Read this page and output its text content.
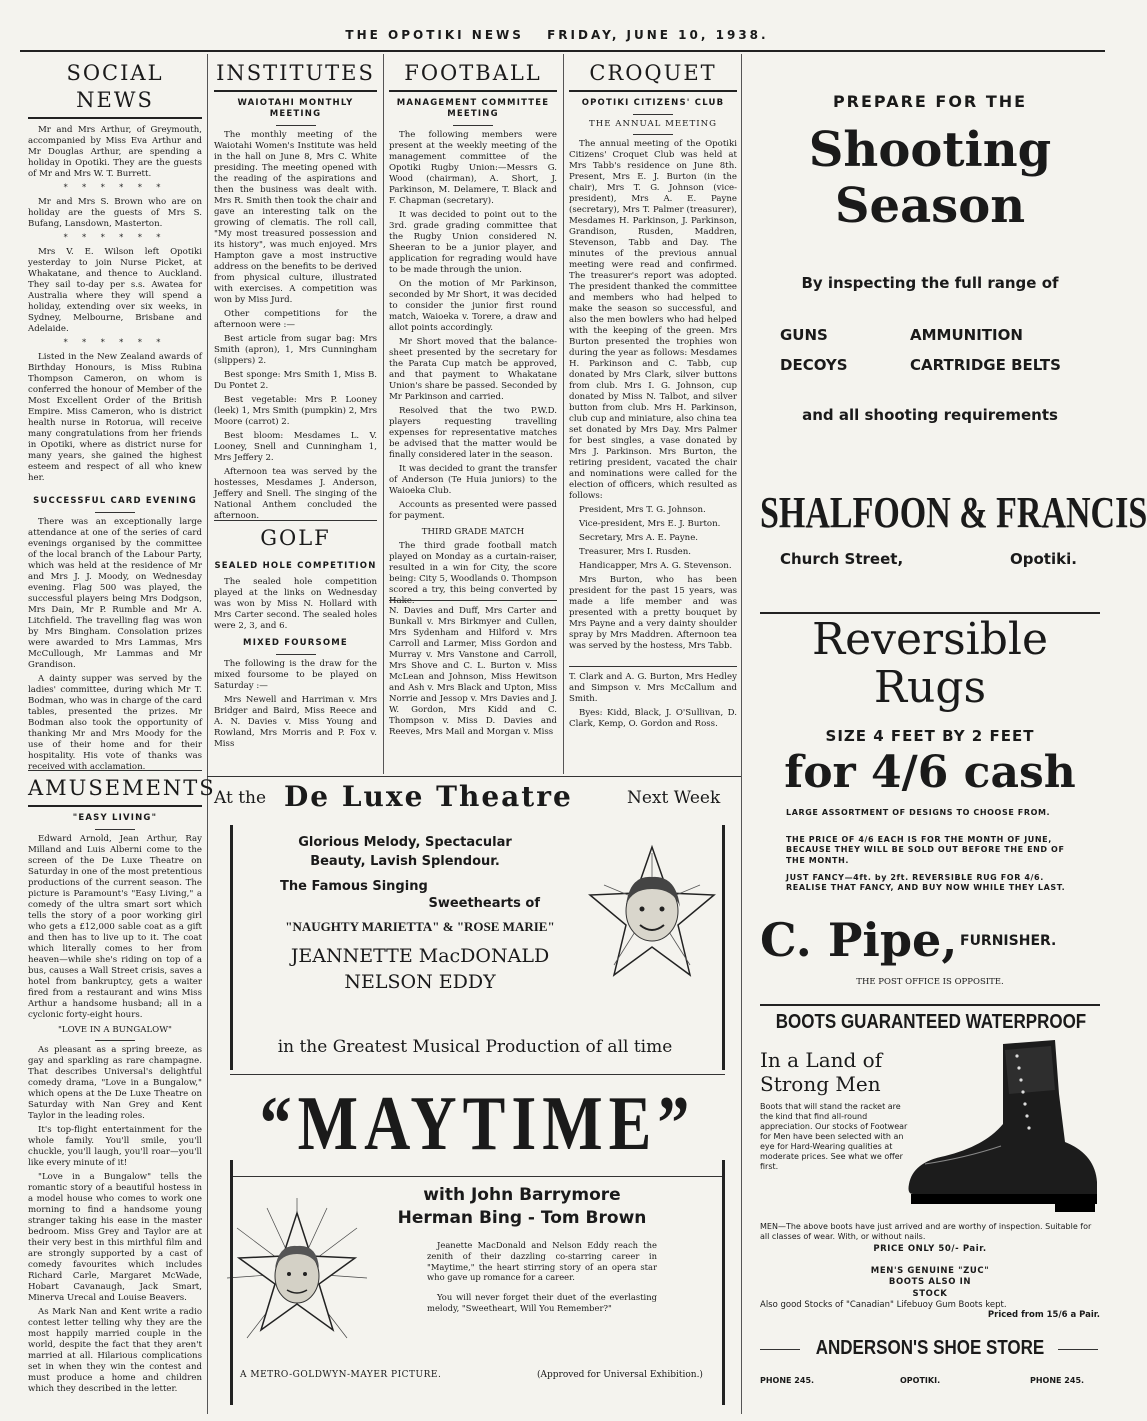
THE OPOTIKI NEWS FRIDAY, JUNE 10, 1938.
SOCIAL NEWS

Mr and Mrs Arthur, of Greymouth, accompanied by Miss Eva Arthur and Mr Douglas Arthur, are spending a holiday in Opotiki. They are the guests of Mr and Mrs W. T. Burrett.

* * * * * *

Mr and Mrs S. Brown who are on holiday are the guests of Mrs S. Bufang, Lansdown, Masterton.

* * * * * *

Mrs V. E. Wilson left Opotiki yesterday to join Nurse Picket, at Whakatane, and thence to Auckland. They sail to-day per s.s. Awatea for Australia where they will spend a holiday, extending over six weeks, in Sydney, Melbourne, Brisbane and Adelaide.

* * * * * *

Listed in the New Zealand awards of Birthday Honours, is Miss Rubina Thompson Cameron, on whom is conferred the honour of Member of the Most Excellent Order of the British Empire. Miss Cameron, who is district health nurse in Rotorua, will receive many congratulations from her friends in Opotiki, where as district nurse for many years, she gained the highest esteem and respect of all who knew her.

SUCCESSFUL CARD EVENING

There was an exceptionally large attendance at one of the series of card evenings organised by the committee of the local branch of the Labour Party, which was held at the residence of Mr and Mrs J. J. Moody, on Wednesday evening. Flag 500 was played, the successful players being Mrs Dodgson, Mrs Dain, Mr P. Rumble and Mr A. Litchfield. The travelling flag was won by Mrs Bingham. Consolation prizes were awarded to Mrs Lammas, Mrs McCullough, Mr Lammas and Mr Grandison.

A dainty supper was served by the ladies' committee, during which Mr T. Bodman, who was in charge of the card tables, presented the prizes. Mr Bodman also took the opportunity of thanking Mr and Mrs Moody for the use of their home and for their hospitality. His vote of thanks was received with acclamation.

INSTITUTES
WAIOTAHI MONTHLY MEETING

The monthly meeting of the Waiotahi Women's Institute was held in the hall on June 8, Mrs C. White presiding. The meeting opened with the reading of the aspirations and then the business was dealt with. Mrs R. Smith then took the chair and gave an interesting talk on the growing of clematis. The roll call, "My most treasured possession and its history", was much enjoyed. Mrs Hampton gave a most instructive address on the benefits to be derived from physical culture, illustrated with exercises. A competition was won by Miss Jurd.

Other competitions for the afternoon were :—

Best article from sugar bag: Mrs Smith (apron), 1, Mrs Cunningham (slippers) 2.

Best sponge: Mrs Smith 1, Miss B. Du Pontet 2.

Best vegetable: Mrs P. Looney (leek) 1, Mrs Smith (pumpkin) 2, Mrs Moore (carrot) 2.

Best bloom: Mesdames L. V. Looney, Snell and Cunningham 1, Mrs Jeffery 2.

Afternoon tea was served by the hostesses, Mesdames J. Anderson, Jeffery and Snell. The singing of the National Anthem concluded the afternoon.

GOLF
SEALED HOLE COMPETITION

The sealed hole competition played at the links on Wednesday was won by Miss N. Hollard with Mrs Carter second. The sealed holes were 2, 3, and 6.

MIXED FOURSOME

The following is the draw for the mixed foursome to be played on Saturday :—

Mrs Newell and Harriman v. Mrs Bridger and Baird, Miss Reece and A. N. Davies v. Miss Young and Rowland, Mrs Morris and P. Fox v. Miss

FOOTBALL
MANAGEMENT COMMITTEE MEETING

The following members were present at the weekly meeting of the management committee of the Opotiki Rugby Union:—Messrs G. Wood (chairman), A. Short, J. Parkinson, M. Delamere, T. Black and F. Chapman (secretary).

It was decided to point out to the 3rd. grade grading committee that the Rugby Union considered N. Sheeran to be a junior player, and application for regrading would have to be made through the union.

On the motion of Mr Parkinson, seconded by Mr Short, it was decided to consider the junior first round match, Waioeka v. Torere, a draw and allot points accordingly.

Mr Short moved that the balance-sheet presented by the secretary for the Parata Cup match be approved, and that payment to Whakatane Union's share be passed. Seconded by Mr Parkinson and carried.

Resolved that the two P.W.D. players requesting travelling expenses for representative matches be advised that the matter would be finally considered later in the season.

It was decided to grant the transfer of Anderson (Te Huia juniors) to the Waioeka Club.

Accounts as presented were passed for payment.

THIRD GRADE MATCH

The third grade football match played on Monday as a curtain-raiser, resulted in a win for City, the score being: City 5, Woodlands 0. Thompson scored a try, this being converted by Hake.

N. Davies and Duff, Mrs Carter and Bunkall v. Mrs Birkmyer and Cullen, Mrs Sydenham and Hilford v. Mrs Carroll and Larmer, Miss Gordon and Murray v. Mrs Vanstone and Carroll, Mrs Shove and C. L. Burton v. Miss McLean and Johnson, Miss Hewitson and Ash v. Mrs Black and Upton, Miss Norrie and Jessop v. Mrs Davies and J. W. Gordon, Mrs Kidd and C. Thompson v. Miss D. Davies and Reeves, Mrs Mail and Morgan v. Miss

CROQUET
OPOTIKI CITIZENS' CLUB
THE ANNUAL MEETING

The annual meeting of the Opotiki Citizens' Croquet Club was held at Mrs Tabb's residence on June 8th. Present, Mrs E. J. Burton (in the chair), Mrs T. G. Johnson (vice-president), Mrs A. E. Payne (secretary), Mrs T. Palmer (treasurer), Mesdames H. Parkinson, J. Parkinson, Grandison, Rusden, Maddren, Stevenson, Tabb and Day. The minutes of the previous annual meeting were read and confirmed. The treasurer's report was adopted. The president thanked the committee and members who had helped to make the season so successful, and also the men bowlers who had helped with the keeping of the green. Mrs Burton presented the trophies won during the year as follows: Mesdames H. Parkinson and C. Tabb, cup donated by Mrs Clark, silver buttons from club. Mrs I. G. Johnson, cup donated by Miss N. Talbot, and silver button from club. Mrs H. Parkinson, club cup and miniature, also china tea set donated by Mrs Day. Mrs Palmer for best singles, a vase donated by Mrs J. Parkinson. Mrs Burton, the retiring president, vacated the chair and nominations were called for the election of officers, which resulted as follows:

President, Mrs T. G. Johnson.

Vice-president, Mrs E. J. Burton.

Secretary, Mrs A. E. Payne.

Treasurer, Mrs I. Rusden.

Handicapper, Mrs A. G. Stevenson.

Mrs Burton, who has been president for the past 15 years, was made a life member and was presented with a pretty bouquet by Mrs Payne and a very dainty shoulder spray by Mrs Maddren. Afternoon tea was served by the hostess, Mrs Tabb.

T. Clark and A. G. Burton, Mrs Hedley and Simpson v. Mrs McCallum and Smith.

Byes: Kidd, Black, J. O'Sullivan, D. Clark, Kemp, O. Gordon and Ross.

AMUSEMENTS
"EASY LIVING"

Edward Arnold, Jean Arthur, Ray Milland and Luis Alberni come to the screen of the De Luxe Theatre on Saturday in one of the most pretentious productions of the current season. The picture is Paramount's "Easy Living," a comedy of the ultra smart sort which tells the story of a poor working girl who gets a £12,000 sable coat as a gift and then has to live up to it. The coat which literally comes to her from heaven—while she's riding on top of a bus, causes a Wall Street crisis, saves a hotel from bankruptcy, gets a waiter fired from a restaurant and wins Miss Arthur a handsome husband; all in a cyclonic forty-eight hours.

"LOVE IN A BUNGALOW"

As pleasant as a spring breeze, as gay and sparkling as rare champagne. That describes Universal's delightful comedy drama, "Love in a Bungalow," which opens at the De Luxe Theatre on Saturday with Nan Grey and Kent Taylor in the leading roles.

It's top-flight entertainment for the whole family. You'll smile, you'll chuckle, you'll laugh, you'll roar—you'll like every minute of it!

"Love in a Bungalow" tells the romantic story of a beautiful hostess in a model house who comes to work one morning to find a handsome young stranger taking his ease in the master bedroom. Miss Grey and Taylor are at their very best in this mirthful film and are strongly supported by a cast of comedy favourites which includes Richard Carle, Margaret McWade, Hobart Cavanaugh, Jack Smart, Minerva Urecal and Louise Beavers.

As Mark Nan and Kent write a radio contest letter telling why they are the most happily married couple in the world, despite the fact that they aren't married at all. Hilarious complications set in when they win the contest and must produce a home and children which they described in the letter.

At the De Luxe Theatre	Next Week
Glorious Melody, Spectacular
Beauty, Lavish Splendour.
The Famous Singing
Sweethearts of
"NAUGHTY MARIETTA" & "ROSE MARIE"
JEANNETTE MacDONALD
NELSON EDDY
in the Greatest Musical Production of all time
“MAYTIME”
with John Barrymore
Herman Bing - Tom Brown

Jeanette MacDonald and Nelson Eddy reach the zenith of their dazzling co-starring career in "Maytime," the heart stirring story of an opera star who gave up romance for a career.

You will never forget their duet of the everlasting melody, "Sweetheart, Will You Remember?"

A METRO-GOLDWYN-MAYER PICTURE.	(Approved for Universal Exhibition.)
PREPARE FOR THE
Shooting
Season
By inspecting the full range of
GUNS	AMMUNITION
DECOYS	CARTRIDGE BELTS
and all shooting requirements
SHALFOON & FRANCIS
Church Street,	Opotiki.
Reversible
Rugs
SIZE 4 FEET BY 2 FEET
for 4/6 cash
LARGE ASSORTMENT OF DESIGNS TO CHOOSE FROM.
THE PRICE OF 4/6 EACH IS FOR THE MONTH OF JUNE, BECAUSE THEY WILL BE SOLD OUT BEFORE THE END OF THE MONTH.
JUST FANCY—4ft. by 2ft. REVERSIBLE RUG FOR 4/6. REALISE THAT FANCY, AND BUY NOW WHILE THEY LAST.
C. Pipe, FURNISHER.
THE POST OFFICE IS OPPOSITE.
BOOTS GUARANTEED WATERPROOF
In a Land of
Strong Men
Boots that will stand the racket are the kind that find all-round appreciation. Our stocks of Footwear for Men have been selected with an eye for Hard-Wearing qualities at moderate prices. See what we offer first.
MEN—The above boots have just arrived and are worthy of inspection. Suitable for all classes of wear. With, or without nails.
PRICE ONLY 50/- Pair.
MEN'S GENUINE "ZUC" BOOTS ALSO IN STOCK
Also good Stocks of "Canadian" Lifebuoy Gum Boots kept.
Priced from 15/6 a Pair.
ANDERSON'S SHOE STORE
PHONE 245.	OPOTIKI.	PHONE 245.
